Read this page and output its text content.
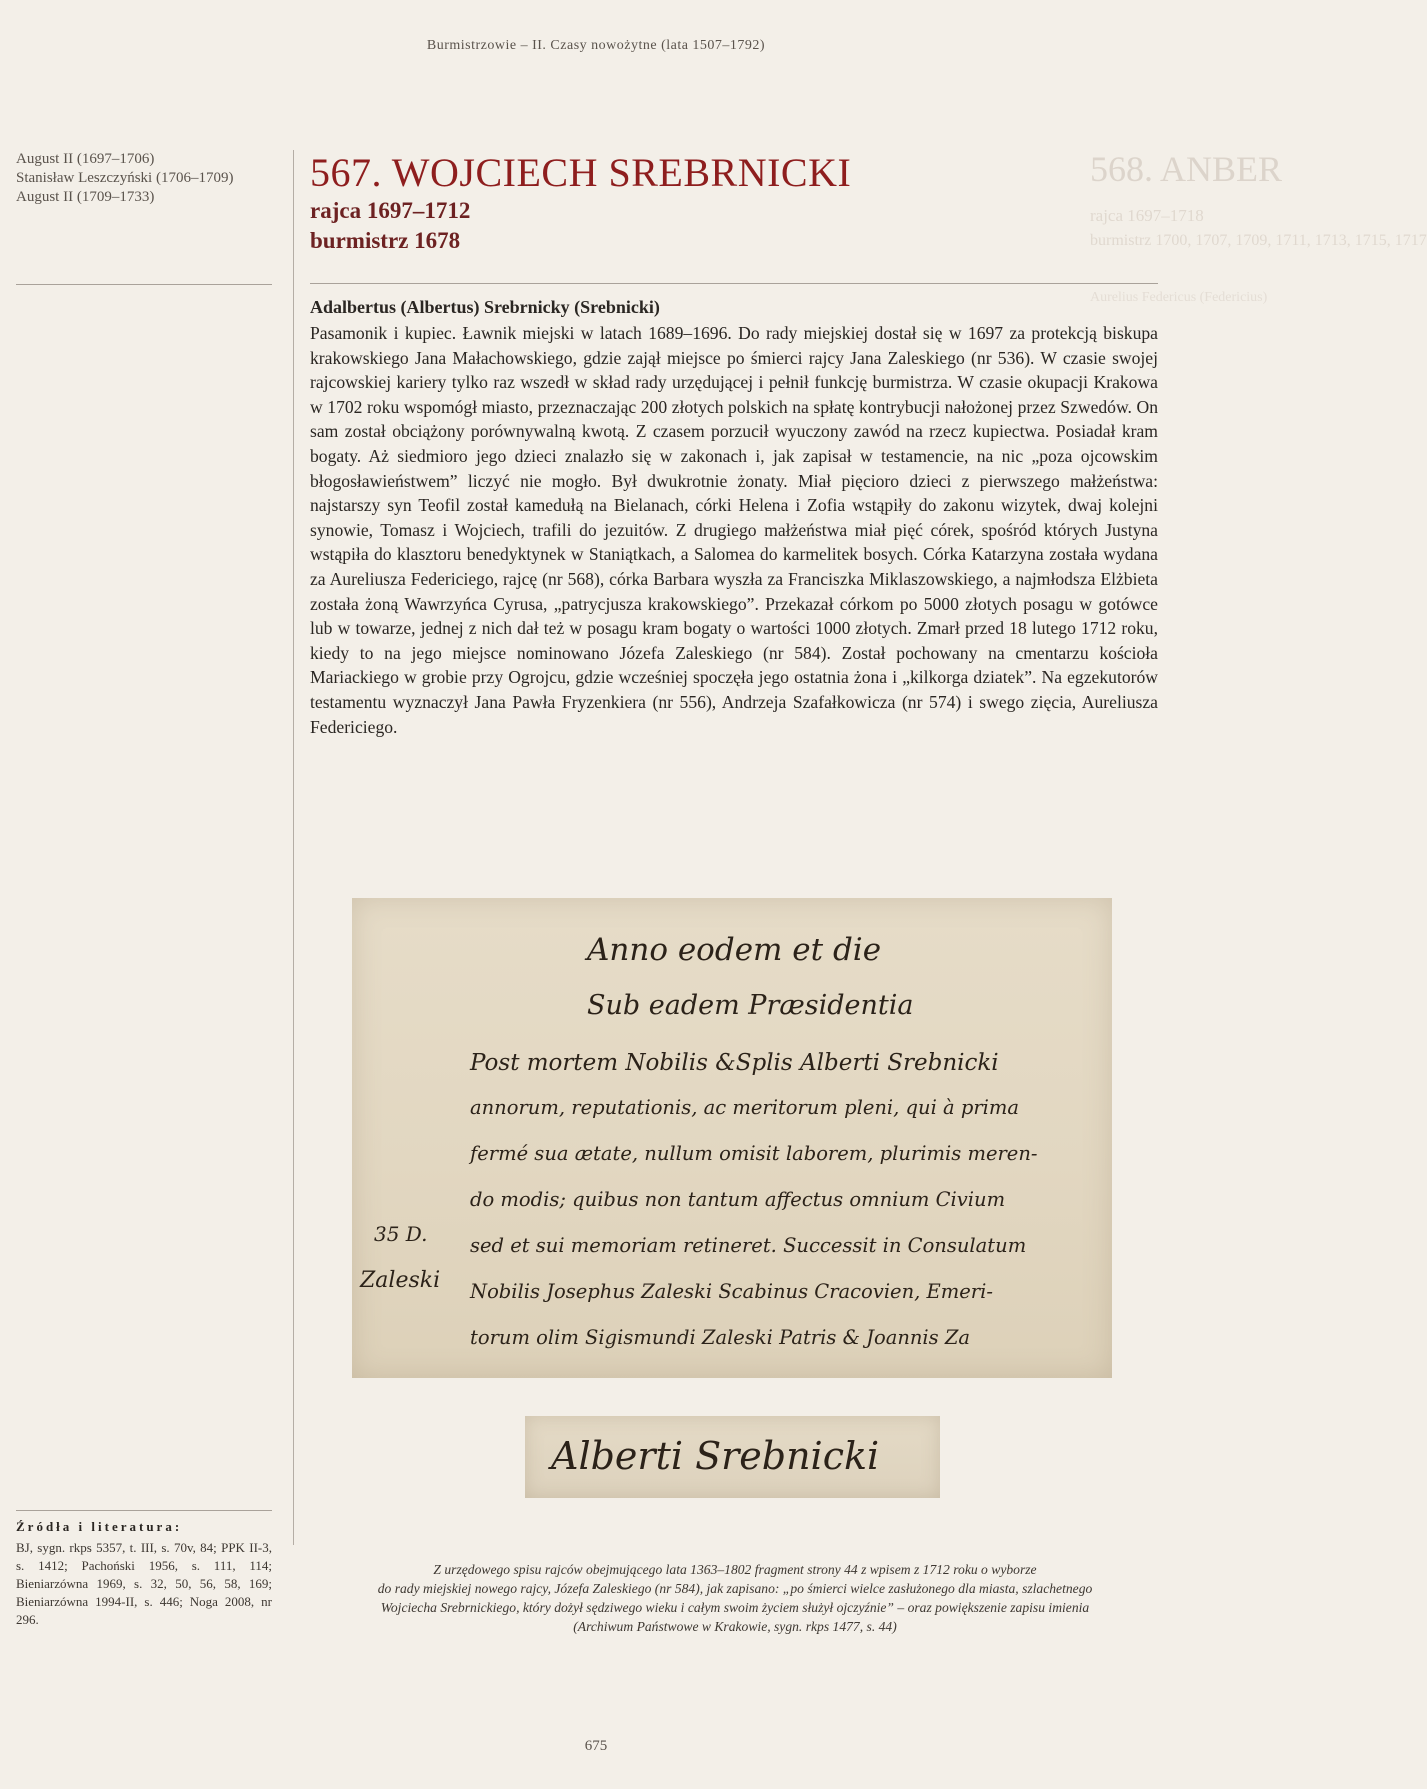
Burmistrzowie – II. Czasy nowożytne (lata 1507–1792)
August II (1697–1706)
Stanisław Leszczyński (1706–1709)
August II (1709–1733)
568. ANBER
rajca 1697–1718
burmistrz 1700, 1707, 1709, 1711, 1713, 1715, 1717
Aurelius Federicus (Federicius)
567. WOJCIECH SREBRNICKI
rajca 1697–1712
burmistrz 1678

Adalbertus (Albertus) Srebrnicky (Srebnicki)

Pasamonik i kupiec. Ławnik miejski w latach 1689–1696. Do rady miejskiej dostał się w 1697 za protekcją biskupa krakowskiego Jana Małachowskiego, gdzie zajął miejsce po śmierci rajcy Jana Zaleskiego (nr 536). W czasie swojej rajcowskiej kariery tylko raz wszedł w skład rady urzędującej i pełnił funkcję burmistrza. W czasie okupacji Krakowa w 1702 roku wspomógł miasto, przeznaczając 200 złotych polskich na spłatę kontrybucji nałożonej przez Szwedów. On sam został obciążony porównywalną kwotą. Z czasem porzucił wyuczony zawód na rzecz kupiectwa. Posiadał kram bogaty. Aż siedmioro jego dzieci znalazło się w zakonach i, jak zapisał w testamencie, na nic „poza ojcowskim błogosławieństwem” liczyć nie mogło. Był dwukrotnie żonaty. Miał pięcioro dzieci z pierwszego małżeństwa: najstarszy syn Teofil został kamedułą na Bielanach, córki Helena i Zofia wstąpiły do zakonu wizytek, dwaj kolejni synowie, Tomasz i Wojciech, trafili do jezuitów. Z drugiego małżeństwa miał pięć córek, spośród których Justyna wstąpiła do klasztoru benedyktynek w Staniątkach, a Salomea do karmelitek bosych. Córka Katarzyna została wydana za Aureliusza Federiciego, rajcę (nr 568), córka Barbara wyszła za Franciszka Miklaszowskiego, a najmłodsza Elżbieta została żoną Wawrzyńca Cyrusa, „patrycjusza krakowskiego”. Przekazał córkom po 5000 złotych posagu w gotówce lub w towarze, jednej z nich dał też w posagu kram bogaty o wartości 1000 złotych. Zmarł przed 18 lutego 1712 roku, kiedy to na jego miejsce nominowano Józefa Zaleskiego (nr 584). Został pochowany na cmentarzu kościoła Mariackiego w grobie przy Ogrojcu, gdzie wcześniej spoczęła jego ostatnia żona i „kilkorga dziatek”. Na egzekutorów testamentu wyznaczył Jana Pawła Fryzenkiera (nr 556), Andrzeja Szafałkowicza (nr 574) i swego zięcia, Aureliusza Federiciego.

Anno eodem et die
Sub eadem Præsidentia
Post mortem Nobilis &Splis Alberti Srebnicki
annorum, reputationis, ac meritorum pleni, qui à prima
fermé sua ætate, nullum omisit laborem, plurimis meren-
do modis; quibus non tantum affectus omnium Civium
sed et sui memoriam retineret. Successit in Consulatum
Nobilis Josephus Zaleski Scabinus Cracovien, Emeri-
torum olim Sigismundi Zaleski Patris & Joannis Za
35 D.
Zaleski
Alberti Srebnicki
Z urzędowego spisu rajców obejmującego lata 1363–1802 fragment strony 44 z wpisem z 1712 roku o wyborze
do rady miejskiej nowego rajcy, Józefa Zaleskiego (nr 584), jak zapisano: „po śmierci wielce zasłużonego dla miasta, szlachetnego
Wojciecha Srebrnickiego, który dożył sędziwego wieku i całym swoim życiem służył ojczyźnie” – oraz powiększenie zapisu imienia
(Archiwum Państwowe w Krakowie, sygn. rkps 1477, s. 44)
Źródła i literatura:
BJ, sygn. rkps 5357, t. III, s. 70v, 84; PPK II-3, s. 1412; Pachoński 1956, s. 111, 114; Bieniarzówna 1969, s. 32, 50, 56, 58, 169; Bieniarzówna 1994-II, s. 446; Noga 2008, nr 296.
675
